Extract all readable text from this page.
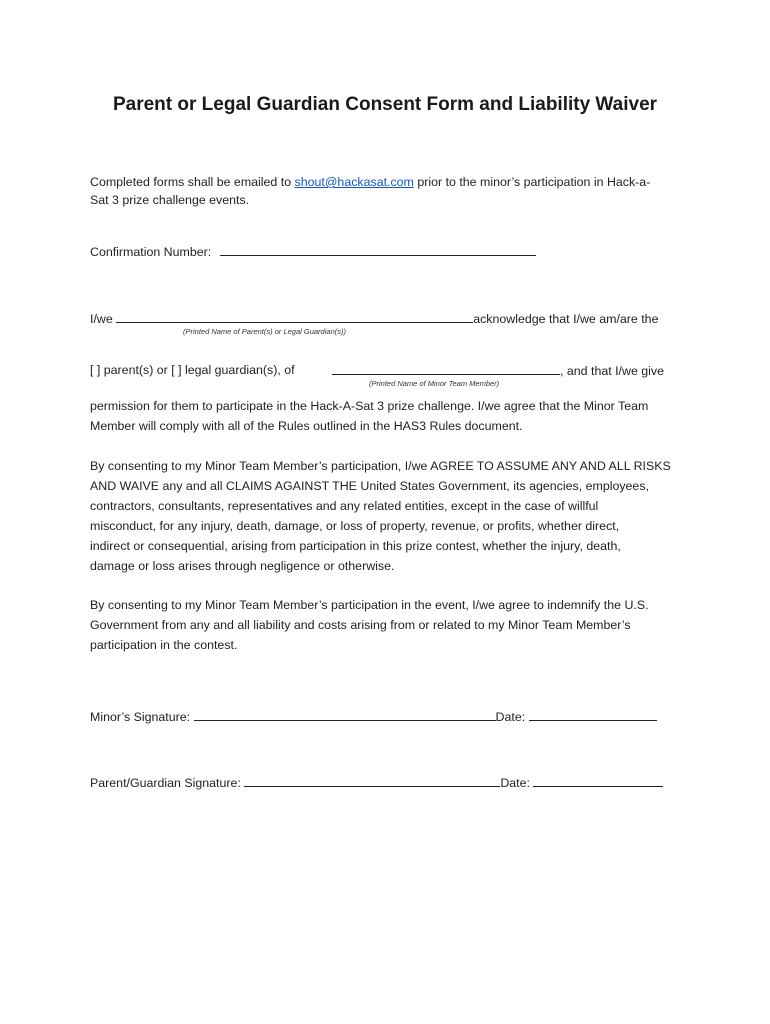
Parent or Legal Guardian Consent Form and Liability Waiver
Completed forms shall be emailed to shout@hackasat.com prior to the minor’s participation in Hack-a-
Sat 3 prize challenge events.
Confirmation Number:
I/we	acknowledge that I/we am/are the
(Printed Name of Parent(s) or Legal Guardian(s))
[ ] parent(s) or [ ] legal guardian(s), of	, and that I/we give
(Printed Name of Minor Team Member)
permission for them to participate in the Hack-A-Sat 3 prize challenge. I/we agree that the Minor Team
Member will comply with all of the Rules outlined in the HAS3 Rules document.
By consenting to my Minor Team Member’s participation, I/we AGREE TO ASSUME ANY AND ALL RISKS
AND WAIVE any and all CLAIMS AGAINST THE United States Government, its agencies, employees,
contractors, consultants, representatives and any related entities, except in the case of willful
misconduct, for any injury, death, damage, or loss of property, revenue, or profits, whether direct,
indirect or consequential, arising from participation in this prize contest, whether the injury, death,
damage or loss arises through negligence or otherwise.
By consenting to my Minor Team Member’s participation in the event, I/we agree to indemnify the U.S.
Government from any and all liability and costs arising from or related to my Minor Team Member’s
participation in the contest.
Minor’s Signature:	Date:
Parent/Guardian Signature:	Date:
